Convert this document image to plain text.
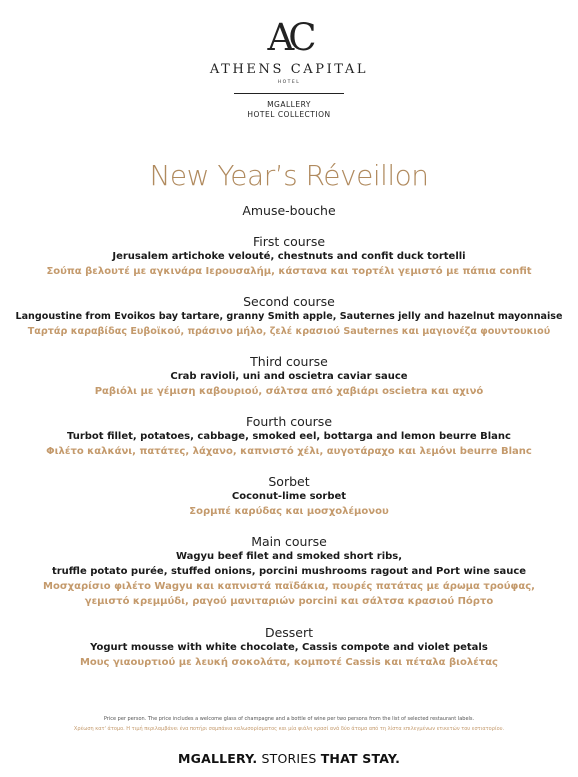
AC
ATHENS CAPITAL
HOTEL
MGALLERY
HOTEL COLLECTION
New Year’s Réveillon
Amuse-bouche
First course
Jerusalem artichoke velouté, chestnuts and confit duck tortelli
Σούπα βελουτέ με αγκινάρα Ιερουσαλήμ, κάστανα και τορτέλι γεμιστό με πάπια confit
Second course
Langoustine from Evoikos bay tartare, granny Smith apple, Sauternes jelly and hazelnut mayonnaise
Ταρτάρ καραβίδας Ευβοϊκού, πράσινο μήλο, ζελέ κρασιού Sauternes και μαγιονέζα φουντουκιού
Third course
Crab ravioli, uni and oscietra caviar sauce
Ραβιόλι με γέμιση καβουριού, σάλτσα από χαβιάρι oscietra και αχινό
Fourth course
Turbot fillet, potatoes, cabbage, smoked eel, bottarga and lemon beurre Blanc
Φιλέτο καλκάνι, πατάτες, λάχανο, καπνιστό χέλι, αυγοτάραχο και λεμόνι beurre Blanc
Sorbet
Coconut-lime sorbet
Σορμπέ καρύδας και μοσχολέμονου
Main course
Wagyu beef filet and smoked short ribs,
truffle potato purée, stuffed onions, porcini mushrooms ragout and Port wine sauce
Μοσχαρίσιο φιλέτο Wagyu και καπνιστά παϊδάκια, πουρές πατάτας με άρωμα τρούφας,
γεμιστό κρεμμύδι, ραγού μανιταριών porcini και σάλτσα κρασιού Πόρτο
Dessert
Yogurt mousse with white chocolate, Cassis compote and violet petals
Μους γιαουρτιού με λευκή σοκολάτα, κομποτέ Cassis και πέταλα βιολέτας
Price per person. The price includes a welcome glass of champagne and a bottle of wine per two persons from the list of selected restaurant labels.
Χρέωση κατ' άτομο. Η τιμή περιλαμβάνει ένα ποτήρι σαμπάνια καλωσορίσματος και μία φιάλη κρασί ανά δύο άτομα από τη λίστα επιλεγμένων ετικετών του εστιατορίου.
MGALLERY. STORIES THAT STAY.
